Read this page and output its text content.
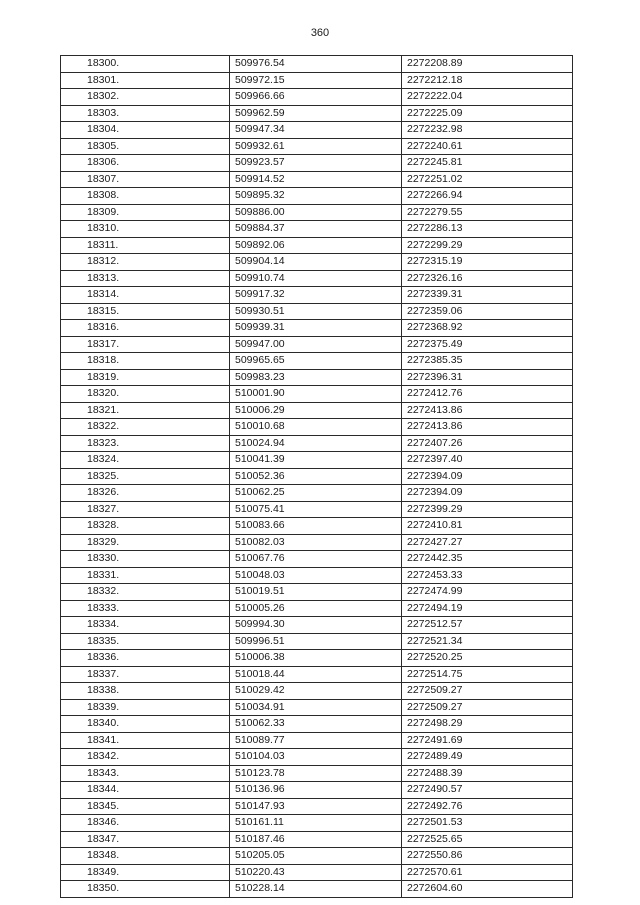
360
18300.	509976.54	2272208.89
18301.	509972.15	2272212.18
18302.	509966.66	2272222.04
18303.	509962.59	2272225.09
18304.	509947.34	2272232.98
18305.	509932.61	2272240.61
18306.	509923.57	2272245.81
18307.	509914.52	2272251.02
18308.	509895.32	2272266.94
18309.	509886.00	2272279.55
18310.	509884.37	2272286.13
18311.	509892.06	2272299.29
18312.	509904.14	2272315.19
18313.	509910.74	2272326.16
18314.	509917.32	2272339.31
18315.	509930.51	2272359.06
18316.	509939.31	2272368.92
18317.	509947.00	2272375.49
18318.	509965.65	2272385.35
18319.	509983.23	2272396.31
18320.	510001.90	2272412.76
18321.	510006.29	2272413.86
18322.	510010.68	2272413.86
18323.	510024.94	2272407.26
18324.	510041.39	2272397.40
18325.	510052.36	2272394.09
18326.	510062.25	2272394.09
18327.	510075.41	2272399.29
18328.	510083.66	2272410.81
18329.	510082.03	2272427.27
18330.	510067.76	2272442.35
18331.	510048.03	2272453.33
18332.	510019.51	2272474.99
18333.	510005.26	2272494.19
18334.	509994.30	2272512.57
18335.	509996.51	2272521.34
18336.	510006.38	2272520.25
18337.	510018.44	2272514.75
18338.	510029.42	2272509.27
18339.	510034.91	2272509.27
18340.	510062.33	2272498.29
18341.	510089.77	2272491.69
18342.	510104.03	2272489.49
18343.	510123.78	2272488.39
18344.	510136.96	2272490.57
18345.	510147.93	2272492.76
18346.	510161.11	2272501.53
18347.	510187.46	2272525.65
18348.	510205.05	2272550.86
18349.	510220.43	2272570.61
18350.	510228.14	2272604.60
